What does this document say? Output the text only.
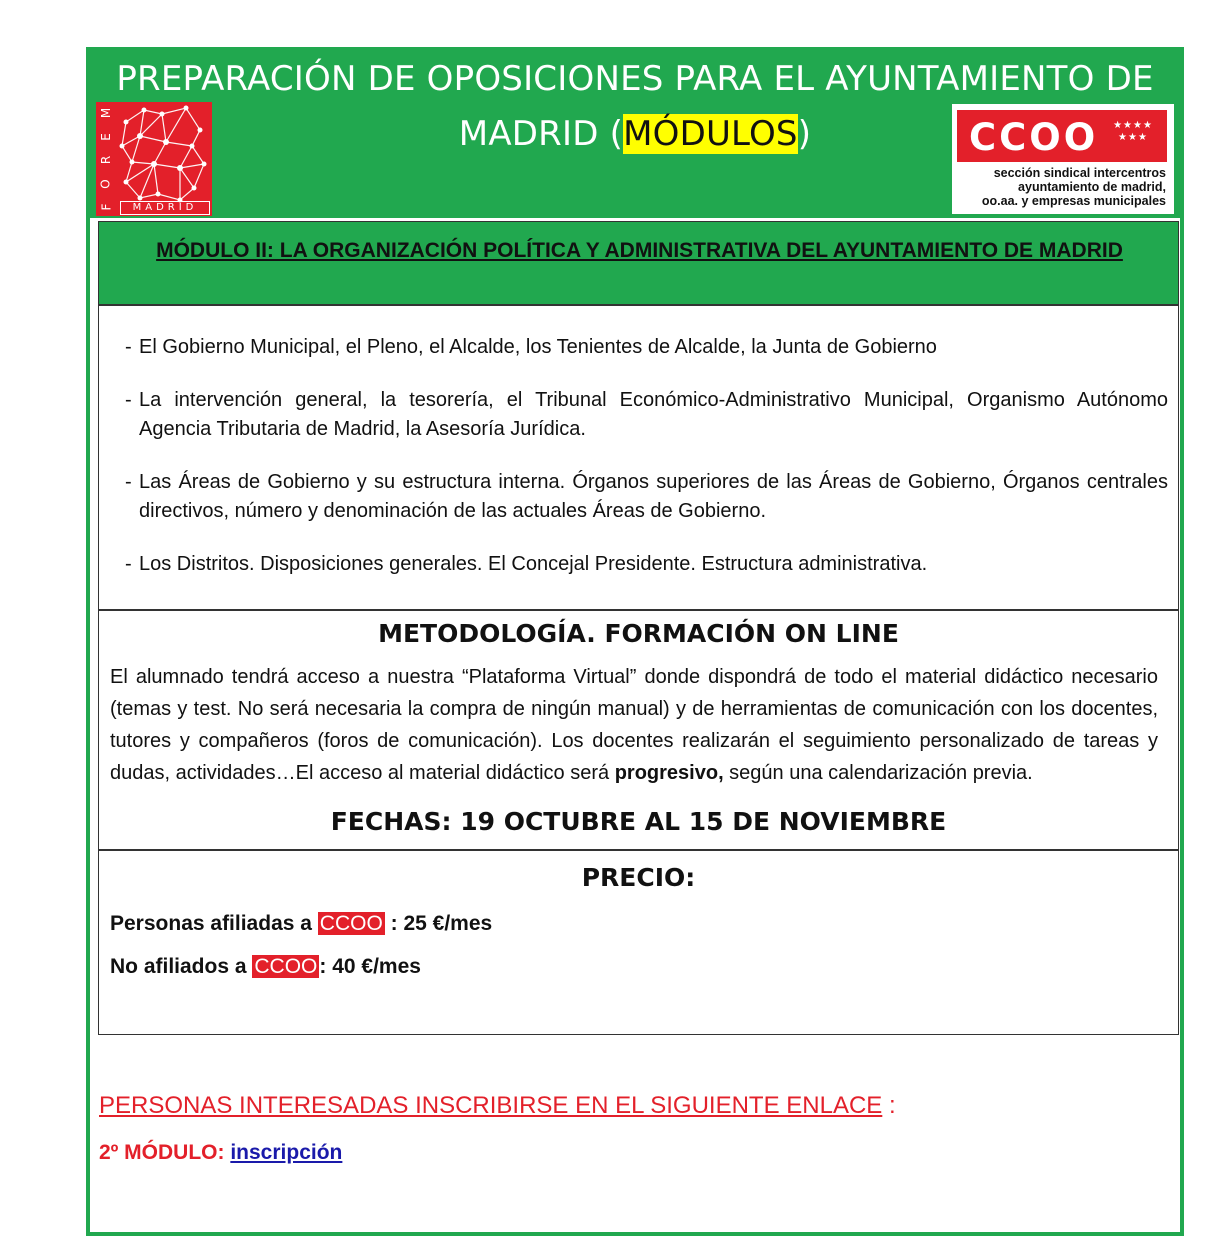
PREPARACIÓN DE OPOSICIONES PARA EL AYUNTAMIENTO DE
MADRID (MÓDULOS)
M
E
R
O
F	MADRID
CCOO	★★★★
★★★
sección sindical intercentros
ayuntamiento de madrid,
oo.aa. y empresas municipales
MÓDULO II: LA ORGANIZACIÓN POLÍTICA Y ADMINISTRATIVA DEL AYUNTAMIENTO DE MADRID
- El Gobierno Municipal, el Pleno, el Alcalde, los Tenientes de Alcalde, la Junta de Gobierno
- La intervención general, la tesorería, el Tribunal Económico-Administrativo Municipal, Organismo Autónomo Agencia Tributaria de Madrid, la Asesoría Jurídica.
- Las Áreas de Gobierno y su estructura interna. Órganos superiores de las Áreas de Gobierno, Órganos centrales directivos, número y denominación de las actuales Áreas de Gobierno.
- Los Distritos. Disposiciones generales. El Concejal Presidente. Estructura administrativa.
METODOLOGÍA. FORMACIÓN ON LINE
El alumnado tendrá acceso a nuestra “Plataforma Virtual” donde dispondrá de todo el material didáctico necesario (temas y test. No será necesaria la compra de ningún manual) y de herramientas de comunicación con los docentes, tutores y compañeros (foros de comunicación). Los docentes realizarán el seguimiento personalizado de tareas y dudas, actividades…El acceso al material didáctico será progresivo, según una calendarización previa.
FECHAS: 19 OCTUBRE AL 15 DE NOVIEMBRE
PRECIO:
Personas afiliadas a CCOO : 25 €/mes
No afiliados a CCOO: 40 €/mes
PERSONAS INTERESADAS INSCRIBIRSE EN EL SIGUIENTE ENLACE :
2º MÓDULO: inscripción
